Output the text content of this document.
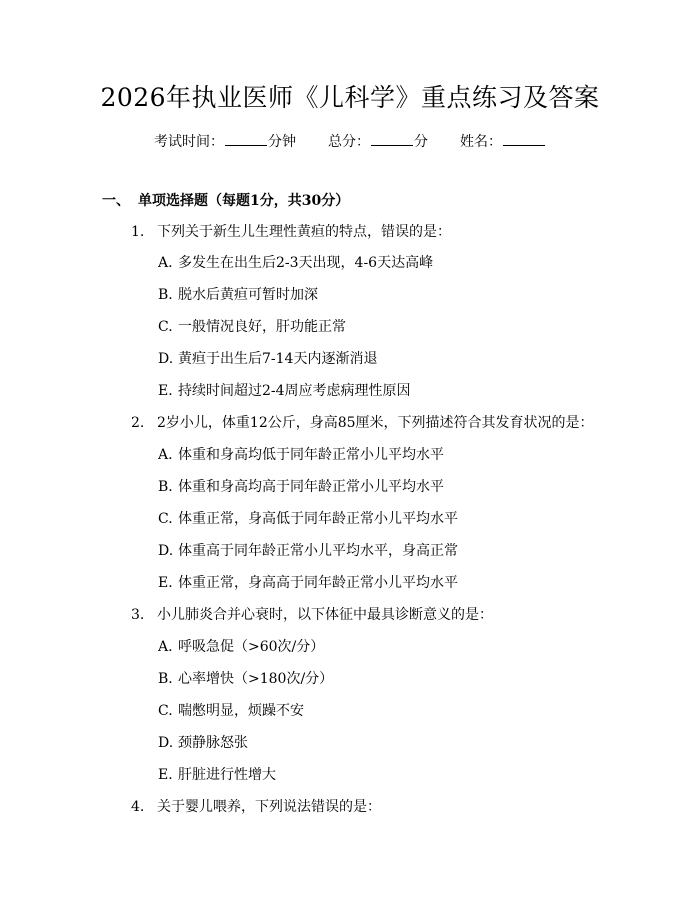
2026年执业医师《儿科学》重点练习及答案
考试时间：	分钟 总分：	分 姓名：
一、 单项选择题（每题1分，共30分）
1. 下列关于新生儿生理性黄疸的特点，错误的是：
A. 多发生在出生后2-3天出现，4-6天达高峰
B. 脱水后黄疸可暂时加深
C. 一般情况良好，肝功能正常
D. 黄疸于出生后7-14天内逐渐消退
E. 持续时间超过2-4周应考虑病理性原因
2. 2岁小儿，体重12公斤，身高85厘米，下列描述符合其发育状况的是：
A. 体重和身高均低于同年龄正常小儿平均水平
B. 体重和身高均高于同年龄正常小儿平均水平
C. 体重正常，身高低于同年龄正常小儿平均水平
D. 体重高于同年龄正常小儿平均水平，身高正常
E. 体重正常，身高高于同年龄正常小儿平均水平
3. 小儿肺炎合并心衰时，以下体征中最具诊断意义的是：
A. 呼吸急促（>60次/分）
B. 心率增快（>180次/分）
C. 喘憋明显，烦躁不安
D. 颈静脉怒张
E. 肝脏进行性增大
4. 关于婴儿喂养，下列说法错误的是：
